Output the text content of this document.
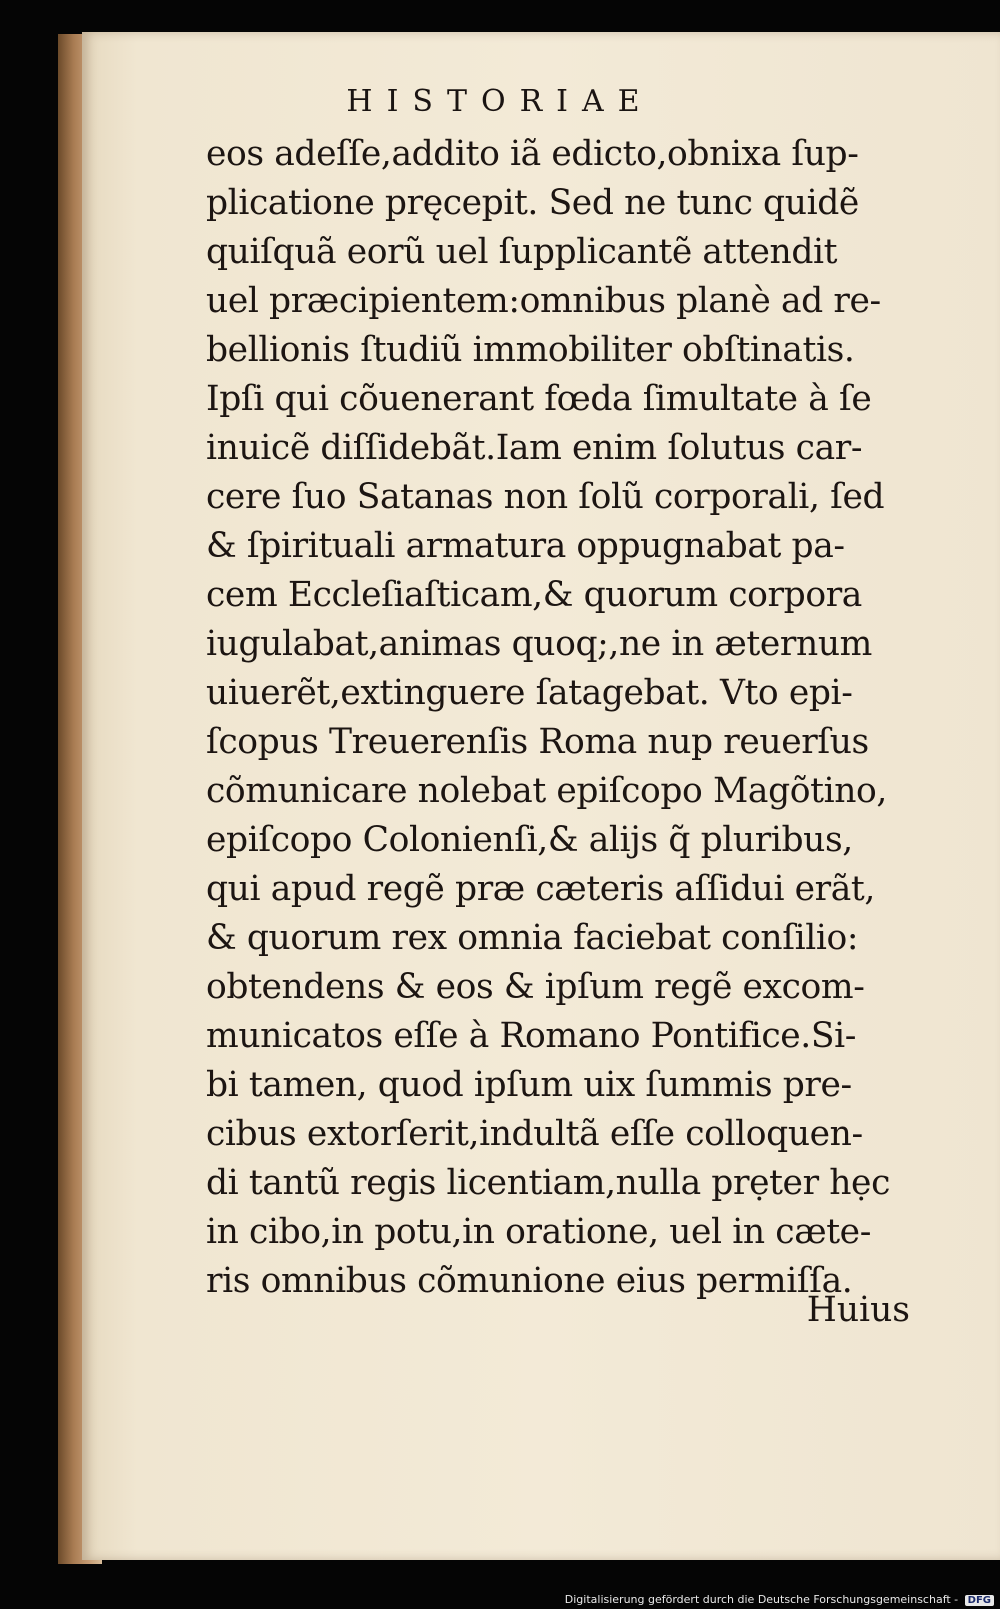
HISTORIAE
eos adeſſe,addito iã edicto,obnixa ſup-
plicatione pręcepit. Sed ne tunc quidẽ
quiſquã eorũ uel ſupplicantẽ attendit
uel præcipientem:omnibus planè ad re-
bellionis ſtudiũ immobiliter obſtinatis.
Ipſi qui cõuenerant fœda ſimultate à ſe
inuicẽ diſſidebãt.Iam enim ſolutus car-
cere ſuo Satanas non ſolũ corporali, ſed
& ſpirituali armatura oppugnabat pa-
cem Eccleſiaſticam,& quorum corpora
iugulabat,animas quoq;,ne in æternum
uiuerẽt,extinguere ſatagebat. Vto epi-
ſcopus Treuerenſis Roma nup reuerſus
cõmunicare nolebat epiſcopo Magõtino,
epiſcopo Colonienſi,& alijs q̃ pluribus,
qui apud regẽ præ cæteris aſſidui erãt,
& quorum rex omnia faciebat conſilio:
obtendens & eos & ipſum regẽ excom-
municatos eſſe à Romano Pontifice.Si-
bi tamen, quod ipſum uix ſummis pre-
cibus extorſerit,indultã eſſe colloquen-
di tantũ regis licentiam,nulla prẹter hẹc
in cibo,in potu,in oratione, uel in cæte-
ris omnibus cõmunione eius permiſſa.
Huius
Digitalisierung gefördert durch die Deutsche Forschungsgemeinschaft - DFG
